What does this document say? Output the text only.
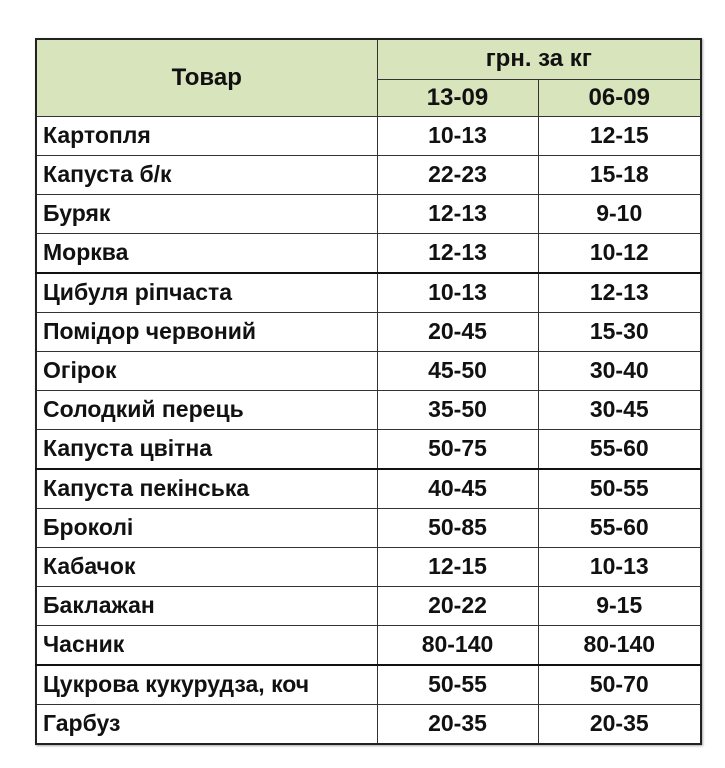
Товар	грн. за кг	
	13-09	06-09
Картопля	10-13	12-15
Капуста б/к	22-23	15-18
Буряк	12-13	9-10
Морква	12-13	10-12
Цибуля ріпчаста	10-13	12-13
Помідор червоний	20-45	15-30
Огірок	45-50	30-40
Солодкий перець	35-50	30-45
Капуста цвітна	50-75	55-60
Капуста пекінська	40-45	50-55
Броколі	50-85	55-60
Кабачок	12-15	10-13
Баклажан	20-22	9-15
Часник	80-140	80-140
Цукрова кукурудза, коч	50-55	50-70
Гарбуз	20-35	20-35
